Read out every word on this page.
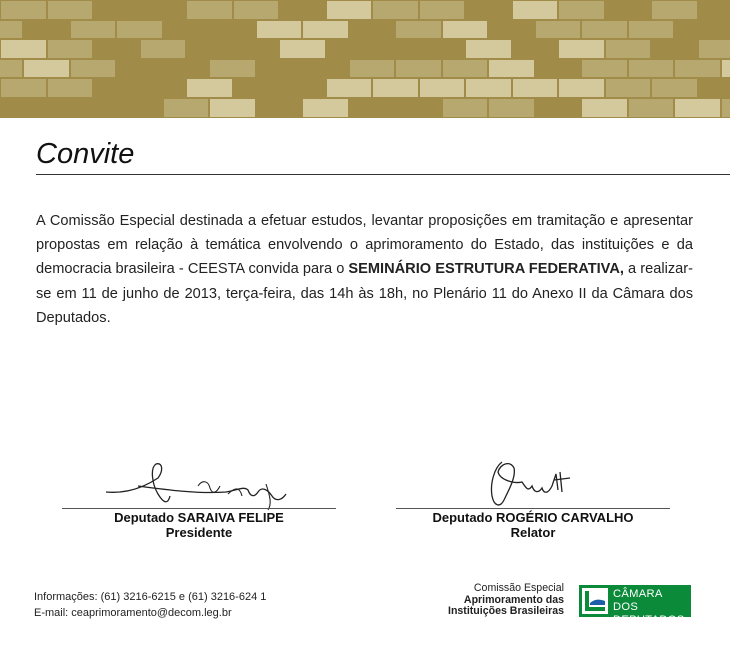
Convite

A Comissão Especial destinada a efetuar estudos, levantar proposições em tramitação e apresentar propostas em relação à temática envolvendo o aprimoramento do Estado, das instituições e da democracia brasileira - CEESTA convida para o SEMINÁRIO ESTRUTURA FEDERATIVA, a realizar-se em 11 de junho de 2013, terça-feira, das 14h às 18h, no Plenário 11 do Anexo II da Câmara dos Deputados.

Deputado SARAIVA FELIPE
Presidente
Deputado ROGÉRIO CARVALHO
Relator
Informações: (61) 3216-6215 e (61) 3216-624 1
E-mail: ceaprimoramento@decom.leg.br
Comissão Especial
Aprimoramento das
Instituições Brasileiras
CÂMARA DOS
DEPUTADOS
